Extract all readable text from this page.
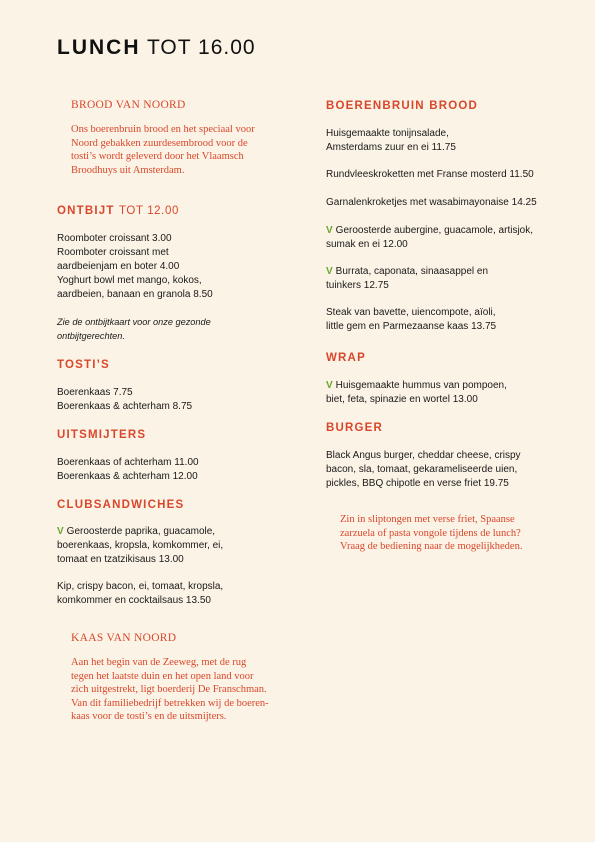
LUNCH TOT 16.00

BROOD VAN NOORD

Ons boerenbruin brood en het speciaal voor
Noord gebakken zuurdesembrood voor de
tosti’s wordt geleverd door het Vlaamsch
Broodhuys uit Amsterdam.

ONTBIJT TOT 12.00

Roomboter croissant 3.00

Roomboter croissant met
aardbeienjam en boter 4.00

Yoghurt bowl met mango, kokos,
aardbeien, banaan en granola 8.50

Zie de ontbijtkaart voor onze gezonde
ontbijtgerechten.

TOSTI’S

Boerenkaas 7.75

Boerenkaas & achterham 8.75

UITSMIJTERS

Boerenkaas of achterham 11.00

Boerenkaas & achterham 12.00

CLUBSANDWICHES

V Geroosterde paprika, guacamole,
boerenkaas, kropsla, komkommer, ei,
tomaat en tzatzikisaus 13.00

Kip, crispy bacon, ei, tomaat, kropsla,
komkommer en cocktailsaus 13.50

KAAS VAN NOORD

Aan het begin van de Zeeweg, met de rug
tegen het laatste duin en het open land voor
zich uitgestrekt, ligt boerderij De Franschman.
Van dit familiebedrijf betrekken wij de boeren-
kaas voor de tosti’s en de uitsmijters.

BOERENBRUIN BROOD

Huisgemaakte tonijnsalade,
Amsterdams zuur en ei 11.75

Rundvleeskroketten met Franse mosterd 11.50

Garnalenkroketjes met wasabimayonaise 14.25

V Geroosterde aubergine, guacamole, artisjok,
sumak en ei 12.00

V Burrata, caponata, sinaasappel en
tuinkers 12.75

Steak van bavette, uiencompote, aïoli,
little gem en Parmezaanse kaas 13.75

WRAP

V Huisgemaakte hummus van pompoen,
biet, feta, spinazie en wortel 13.00

BURGER

Black Angus burger, cheddar cheese, crispy
bacon, sla, tomaat, gekarameliseerde uien,
pickles, BBQ chipotle en verse friet 19.75

Zin in sliptongen met verse friet, Spaanse
zarzuela of pasta vongole tijdens de lunch?
Vraag de bediening naar de mogelijkheden.
